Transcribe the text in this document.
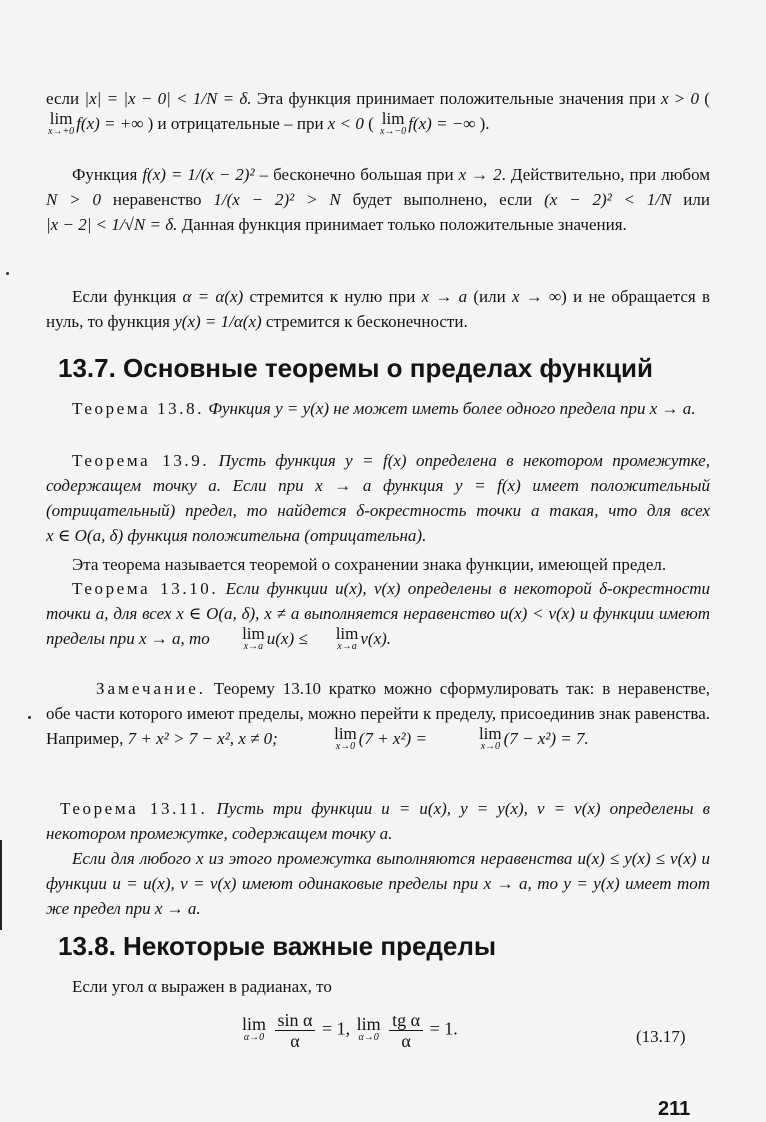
если |x| = |x − 0| < 1/N = δ. Эта функция принимает положительные значения при x > 0 (
lim
x→+0 f(x) = +∞ ) и отрицательные – при x < 0 ( lim
x→−0 f(x) = −∞ ).
Функция f(x) = 1/(x − 2)² – бесконечно большая при x → 2. Действительно, при любом N > 0 неравенство 1/(x − 2)² > N будет выполнено, если (x − 2)² < 1/N или |x − 2| < 1/√N = δ. Данная функция принимает только положительные значения.
Если функция α = α(x) стремится к нулю при x → a (или x → ∞) и не обращается в нуль, то функция y(x) = 1/α(x) стремится к бесконечности.
13.7. Основные теоремы о пределах функций
Теорема 13.8. Функция y = y(x) не может иметь более одного предела при x → a.
Теорема 13.9. Пусть функция y = f(x) определена в некотором промежутке, содержащем точку a. Если при x → a функция y = f(x) имеет положительный (отрицательный) предел, то найдется δ-окрестность точки a такая, что для всех x ∈ O(a, δ) функция положительна (отрицательна).
Эта теорема называется теоремой о сохранении знака функции, имеющей предел.
Теорема 13.10. Если функции u(x), v(x) определены в некоторой δ-окрестности точки a, для всех x ∈ O(a, δ), x ≠ a выполняется неравенство u(x) < v(x) и функции имеют пределы при x → a, то	lim
x→a u(x) ≤	lim
x→a v(x).
Замечание. Теорему 13.10 кратко можно сформулировать так: в неравенстве, обе части которого имеют пределы, можно перейти к пределу, присоединив знак равенства. Например, 7 + x² > 7 − x², x ≠ 0;	lim
x→0 (7 + x²) =	lim
x→0 (7 − x²) = 7.
Теорема 13.11. Пусть три функции u = u(x), y = y(x), v = v(x) определены в некотором промежутке, содержащем точку a.
Если для любого x из этого промежутка выполняются неравенства u(x) ≤ y(x) ≤ v(x) и функции u = u(x), v = v(x) имеют одинаковые пределы при x → a, то y = y(x) имеет тот же предел при x → a.
13.8. Некоторые важные пределы
Если угол α выражен в радианах, то
lim
α→0
$\frac{\text{sin α}}{\alpha} = 1$, lim
α→0
$\frac{\text{tg α}}{\alpha} = 1$.	(13.17)
211
